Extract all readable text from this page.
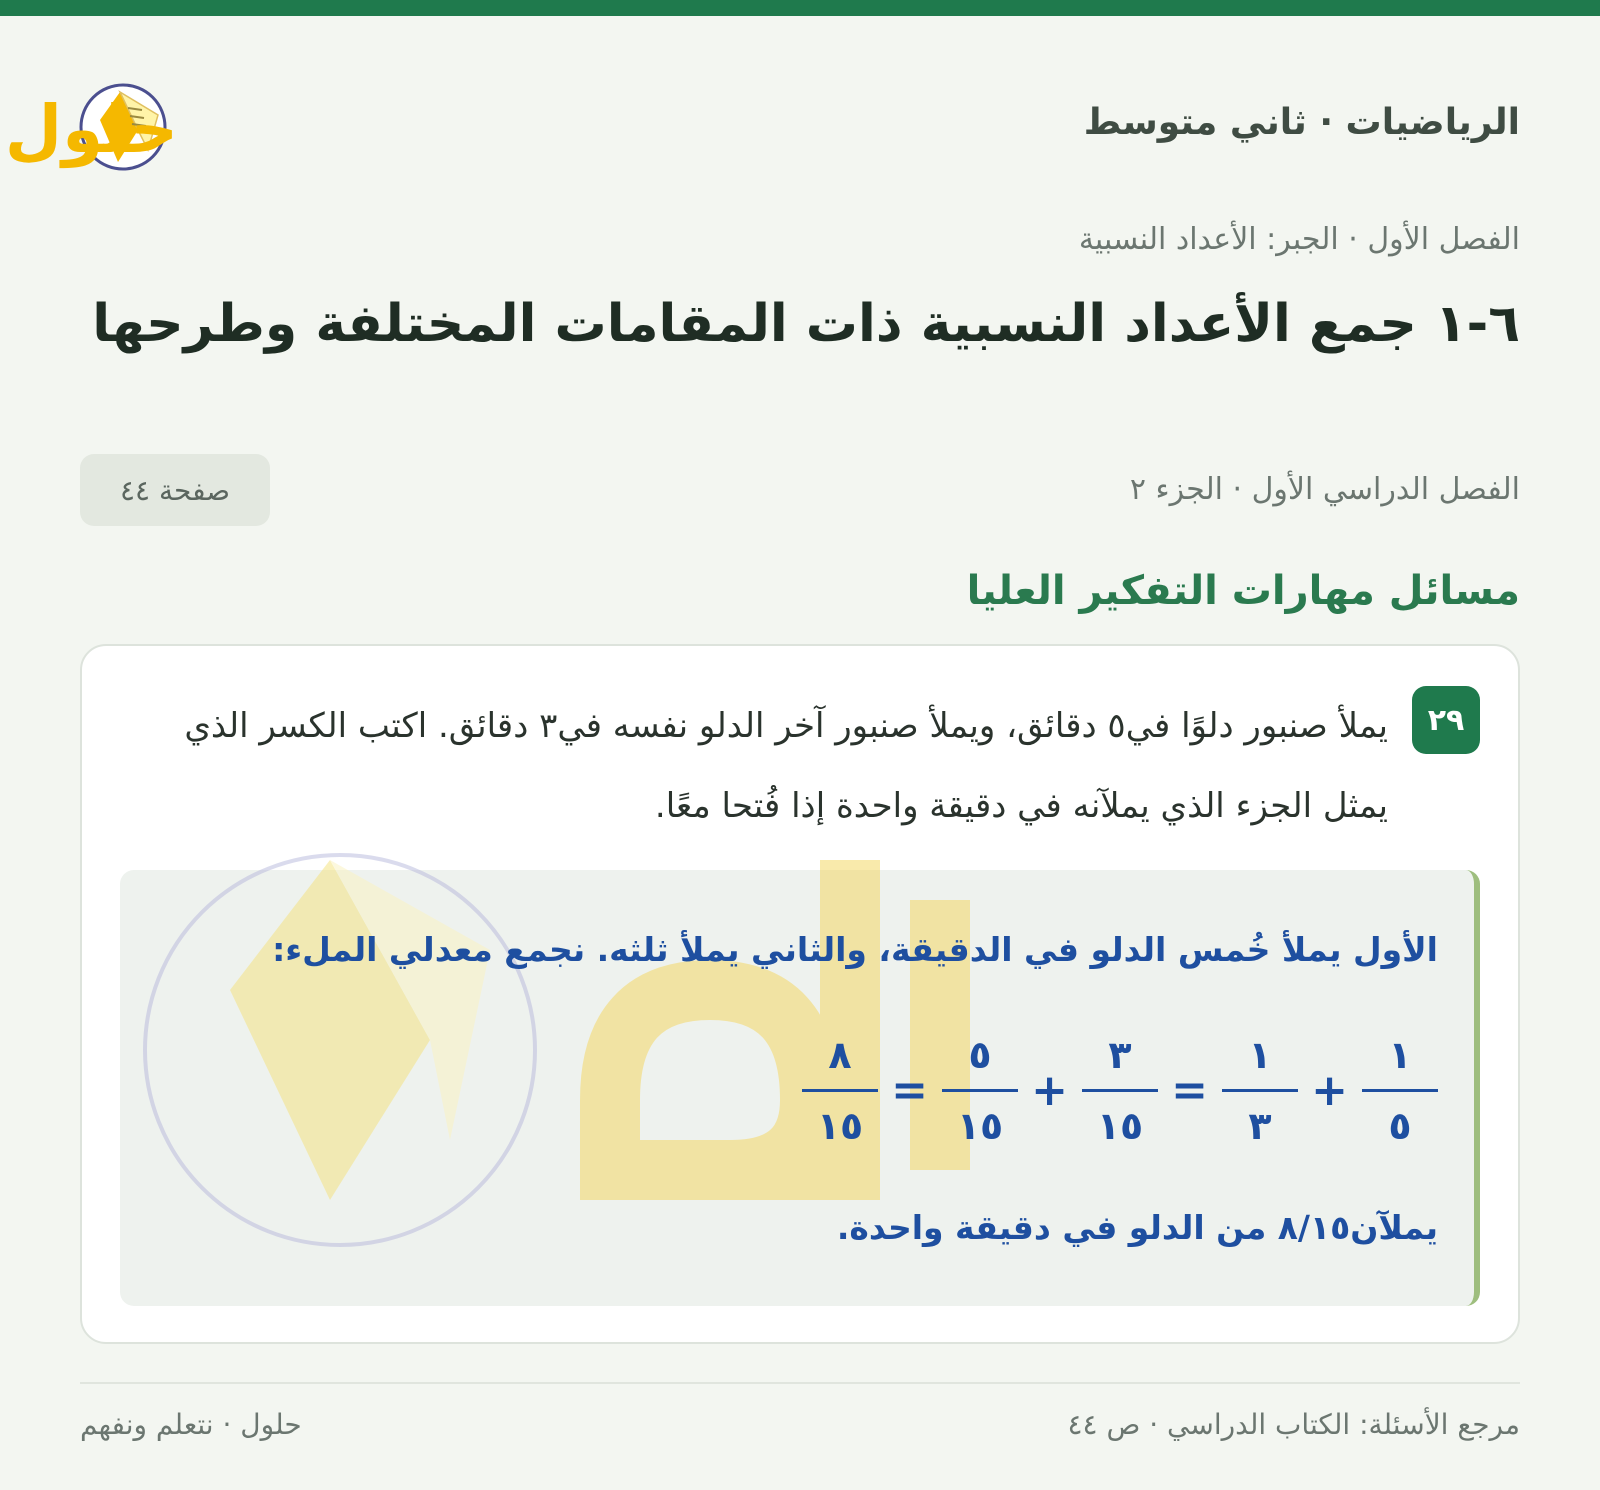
الرياضيات · ثاني متوسط
حلول
الفصل الأول · الجبر: الأعداد النسبية
٦-١ جمع الأعداد النسبية ذات المقامات المختلفة وطرحها
الفصل الدراسي الأول · الجزء ٢
صفحة ٤٤
مسائل مهارات التفكير العليا
٢٩

يملأ صنبور دلوًا في٥ دقائق، ويملأ صنبور آخر الدلو نفسه في٣ دقائق. اكتب الكسر الذي يمثل الجزء الذي يملآنه في دقيقة واحدة إذا فُتحا معًا.

الأول يملأ خُمس الدلو في الدقيقة، والثاني يملأ ثلثه. نجمع معدلي الملء:
$\frac{١}{٥}$
+
$\frac{١}{٣}$
=
$\frac{٣}{١٥}$
+
$\frac{٥}{١٥}$
=
$\frac{٨}{١٥}$
يملآن٨/١٥ من الدلو في دقيقة واحدة.
مرجع الأسئلة: الكتاب الدراسي · ص ٤٤
حلول · نتعلم ونفهم
